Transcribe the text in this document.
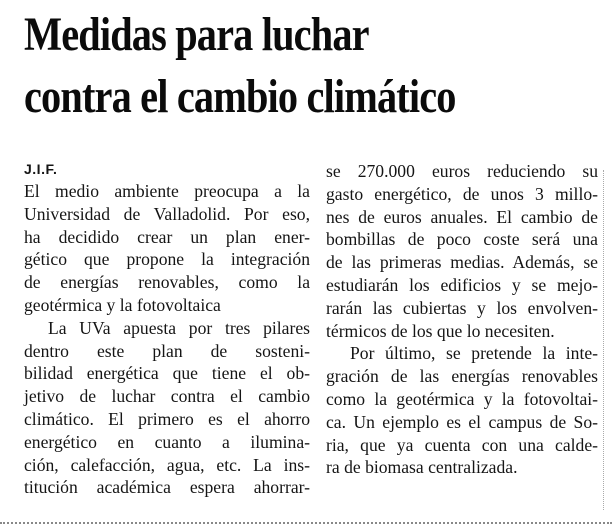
Medidas para luchar
contra el cambio climático
J.I.F.
El medio ambiente preocupa a la
Universidad de Valladolid. Por eso,
ha decidido crear un plan ener-
gético que propone la integración
de energías renovables, como la
geotérmica y la fotovoltaica
La UVa apuesta por tres pilares
dentro este plan de sosteni-
bilidad energética que tiene el ob-
jetivo de luchar contra el cambio
climático. El primero es el ahorro
energético en cuanto a ilumina-
ción, calefacción, agua, etc. La ins-
titución académica espera ahorrar-
se 270.000 euros reduciendo su
gasto energético, de unos 3 millo-
nes de euros anuales. El cambio de
bombillas de poco coste será una
de las primeras medias. Además, se
estudiarán los edificios y se mejo-
rarán las cubiertas y los envolven-
térmicos de los que lo necesiten.
Por último, se pretende la inte-
gración de las energías renovables
como la geotérmica y la fotovoltai-
ca. Un ejemplo es el campus de So-
ria, que ya cuenta con una calde-
ra de biomasa centralizada.
